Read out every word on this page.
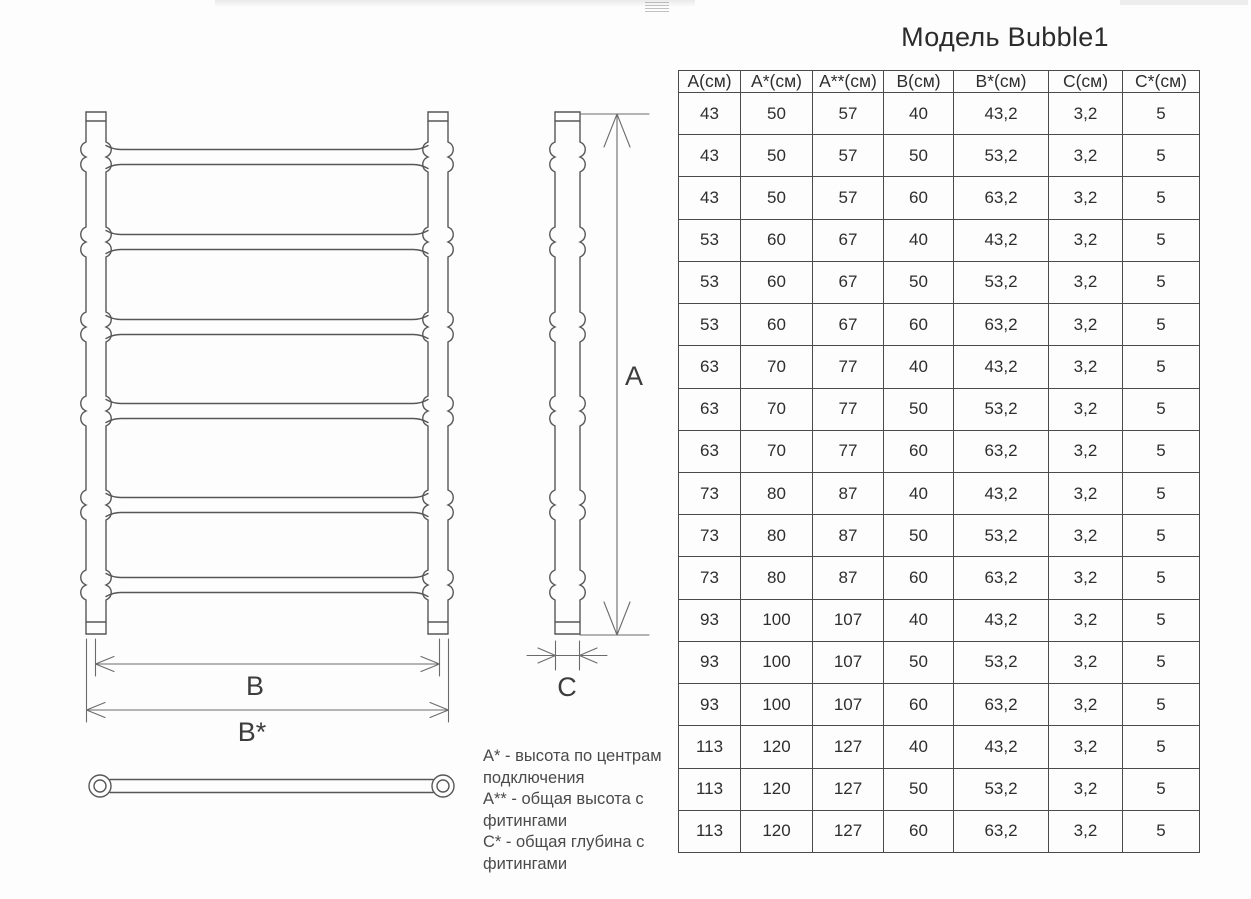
B
B*
A
C
А* - высота по центрам подключения
А** - общая высота с фитингами
С* - общая глубина с фитингами
Модель Bubble1
А(см)	А*(см)	А**(см)	В(см)	В*(см)	С(см)	С*(см)
43	50	57	40	43,2	3,2	5
43	50	57	50	53,2	3,2	5
43	50	57	60	63,2	3,2	5
53	60	67	40	43,2	3,2	5
53	60	67	50	53,2	3,2	5
53	60	67	60	63,2	3,2	5
63	70	77	40	43,2	3,2	5
63	70	77	50	53,2	3,2	5
63	70	77	60	63,2	3,2	5
73	80	87	40	43,2	3,2	5
73	80	87	50	53,2	3,2	5
73	80	87	60	63,2	3,2	5
93	100	107	40	43,2	3,2	5
93	100	107	50	53,2	3,2	5
93	100	107	60	63,2	3,2	5
113	120	127	40	43,2	3,2	5
113	120	127	50	53,2	3,2	5
113	120	127	60	63,2	3,2	5
